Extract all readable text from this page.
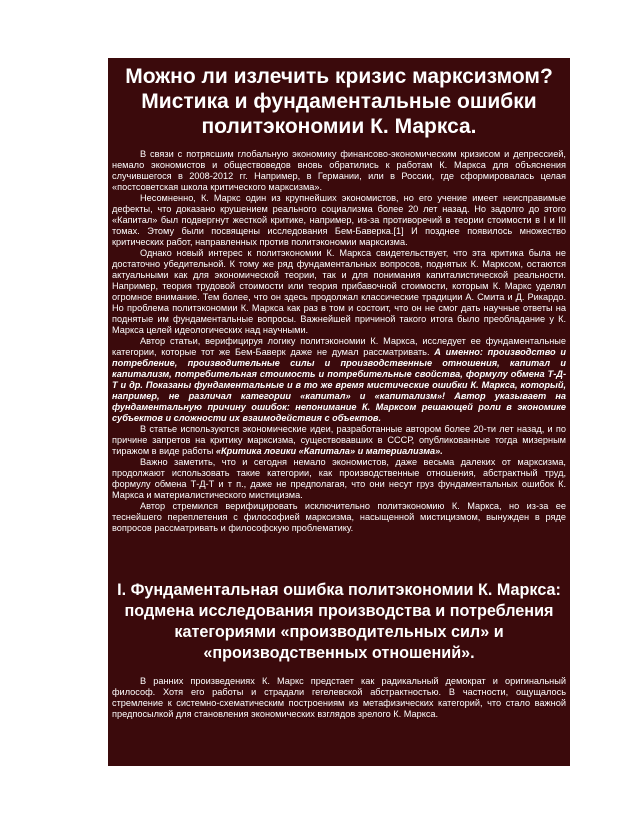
Можно ли излечить кризис марксизмом? Мистика и фундаментальные ошибки политэкономии К. Маркса.

В связи с потрясшим глобальную экономику финансово-экономическим кризисом и депрессией, немало экономистов и обществоведов вновь обратились к работам К. Маркса для объяснения случившегося в 2008-2012 гг. Например, в Германии, или в России, где сформировалась целая «постсоветская школа критического марксизма».

Несомненно, К. Маркс один из крупнейших экономистов, но его учение имеет неисправимые дефекты, что доказано крушением реального социализма более 20 лет назад. Но задолго до этого «Капитал» был подвергнут жесткой критике, например, из-за противоречий в теории стоимости в I и III томах. Этому были посвящены исследования Бем-Баверка.[1] И позднее появилось множество критических работ, направленных против политэкономии марксизма.

Однако новый интерес к политэкономии К. Маркса свидетельствует, что эта критика была не достаточно убедительной. К тому же ряд фундаментальных вопросов, поднятых К. Марксом, остаются актуальными как для экономической теории, так и для понимания капиталистической реальности. Например, теория трудовой стоимости или теория прибавочной стоимости, которым К. Маркс уделял огромное внимание. Тем более, что он здесь продолжал классические традиции А. Смита и Д. Рикардо. Но проблема политэкономии К. Маркса как раз в том и состоит, что он не смог дать научные ответы на поднятые им фундаментальные вопросы. Важнейшей причиной такого итога было преобладание у К. Маркса целей идеологических над научными.

Автор статьи, верифицируя логику политэкономии К. Маркса, исследует ее фундаментальные категории, которые тот же Бем-Баверк даже не думал рассматривать. А именно: производство и потребление, производительные силы и производственные отношения, капитал и капитализм, потребительная стоимость и потребительные свойства, формулу обмена Т-Д-Т и др. Показаны фундаментальные и в то же время мистические ошибки К. Маркса, который, например, не различал категории «капитал» и «капитализм»! Автор указывает на фундаментальную причину ошибок: непонимание К. Марксом решающей роли в экономике субъектов и сложности их взаимодействия с объектов.

В статье используются экономические идеи, разработанные автором более 20-ти лет назад, и по причине запретов на критику марксизма, существовавших в СССР, опубликованные тогда мизерным тиражом в виде работы «Критика логики «Капитала» и материализма».

Важно заметить, что и сегодня немало экономистов, даже весьма далеких от марксизма, продолжают использовать такие категории, как производственные отношения, абстрактный труд, формулу обмена Т-Д-Т и т п., даже не предполагая, что они несут груз фундаментальных ошибок К. Маркса и материалистического мистицизма.

Автор стремился верифицировать исключительно политэкономию К. Маркса, но из-за ее теснейшего переплетения с философией марксизма, насыщенной мистицизмом, вынужден в ряде вопросов рассматривать и философскую проблематику.

I. Фундаментальная ошибка политэкономии К. Маркса: подмена исследования производства и потребления категориями «производительных сил» и «производственных отношений».

В ранних произведениях К. Маркс предстает как радикальный демократ и оригинальный философ. Хотя его работы и страдали гегелевской абстрактностью. В частности, ощущалось стремление к системно-схематическим построениям из метафизических категорий, что стало важной предпосылкой для становления экономических взглядов зрелого К. Маркса.
